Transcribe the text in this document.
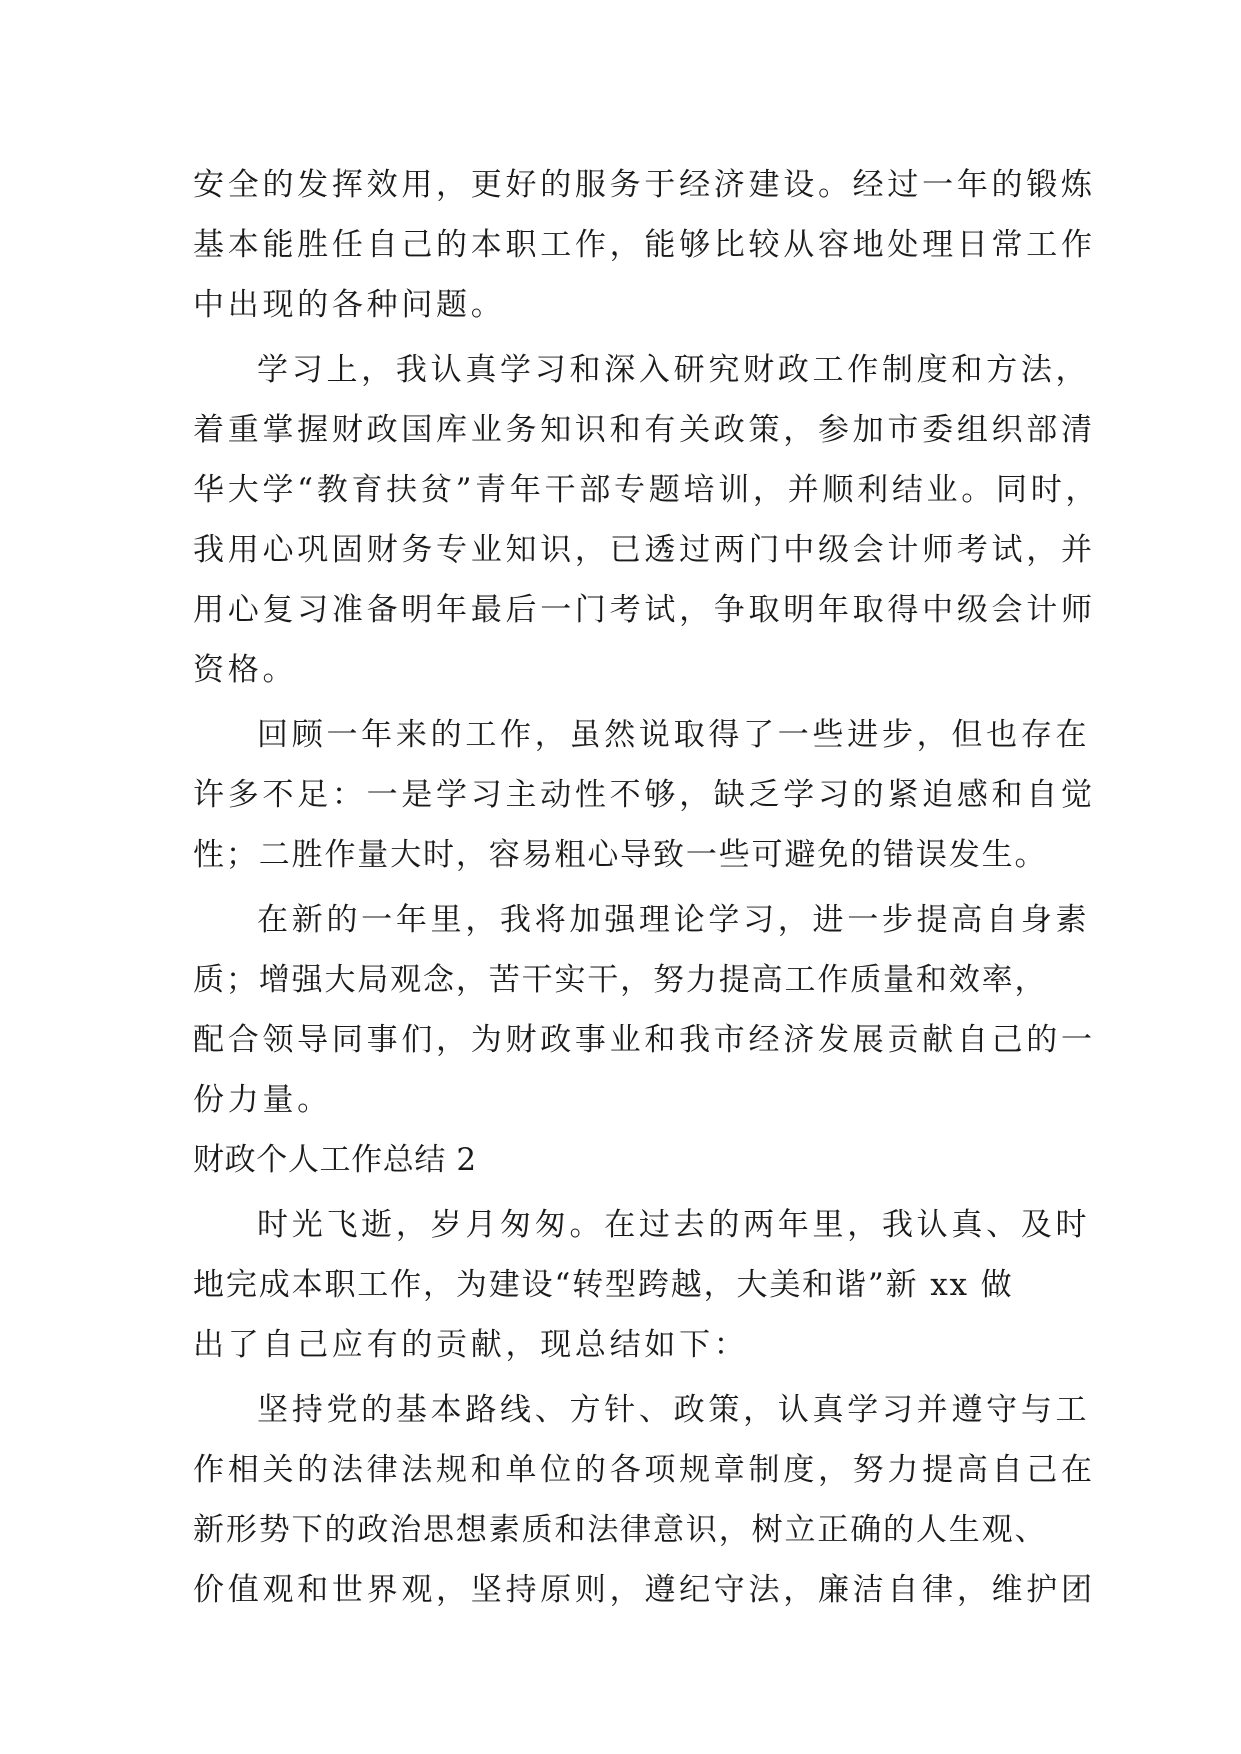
安全的发挥效用，更好的服务于经济建设。经过一年的锻炼
基本能胜任自己的本职工作，能够比较从容地处理日常工作
中出现的各种问题。
学习上，我认真学习和深入研究财政工作制度和方法，
着重掌握财政国库业务知识和有关政策，参加市委组织部清
华大学“教育扶贫”青年干部专题培训，并顺利结业。同时，
我用心巩固财务专业知识，已透过两门中级会计师考试，并
用心复习准备明年最后一门考试，争取明年取得中级会计师
资格。
回顾一年来的工作，虽然说取得了一些进步，但也存在
许多不足：一是学习主动性不够，缺乏学习的紧迫感和自觉
性；二胜作量大时，容易粗心导致一些可避免的错误发生。
在新的一年里，我将加强理论学习，进一步提高自身素
质；增强大局观念，苦干实干，努力提高工作质量和效率，
配合领导同事们，为财政事业和我市经济发展贡献自己的一
份力量。
财政个人工作总结 2
时光飞逝，岁月匆匆。在过去的两年里，我认真、及时
地完成本职工作，为建设“转型跨越，大美和谐”新 xx 做
出了自己应有的贡献，现总结如下：
坚持党的基本路线、方针、政策，认真学习并遵守与工
作相关的法律法规和单位的各项规章制度，努力提高自己在
新形势下的政治思想素质和法律意识，树立正确的人生观、
价值观和世界观，坚持原则，遵纪守法，廉洁自律，维护团
